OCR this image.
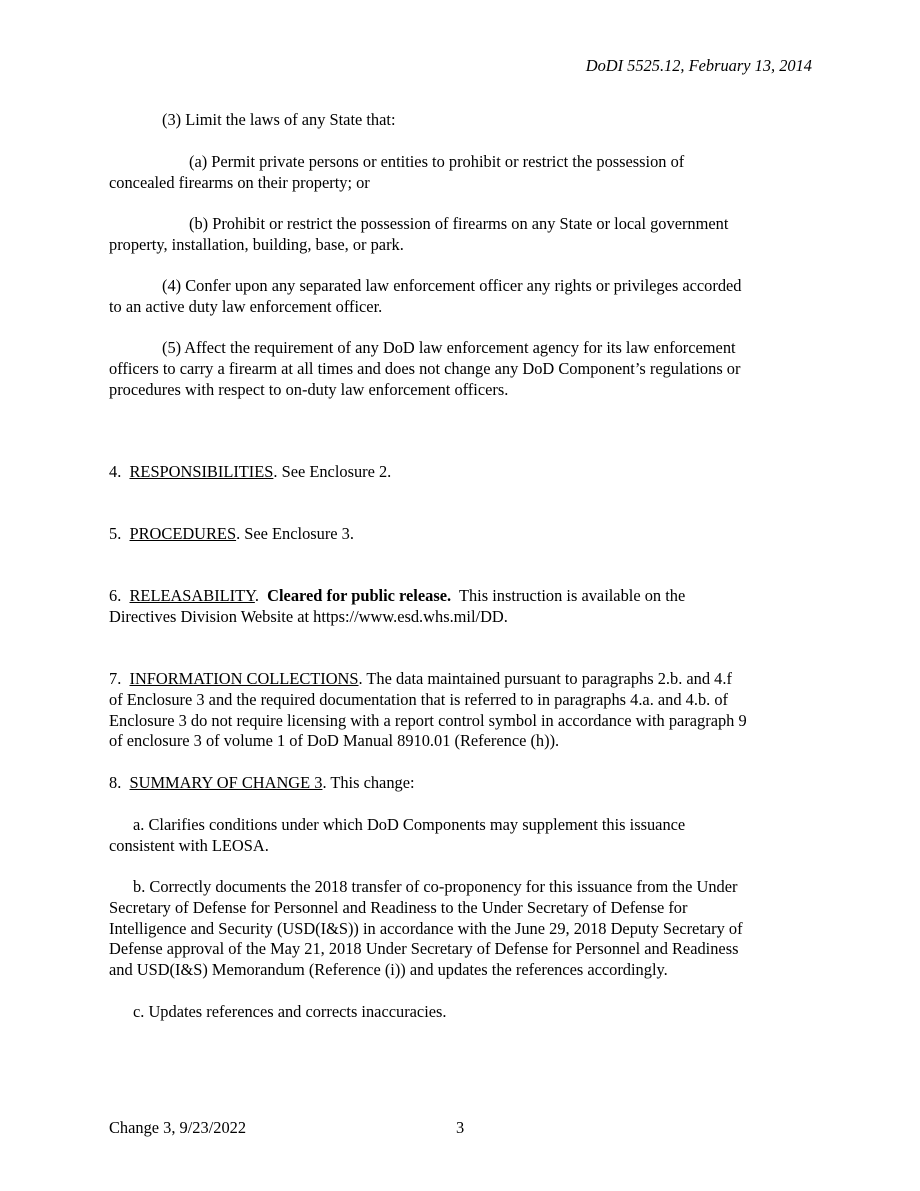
DoDI 5525.12, February 13, 2014

(3) Limit the laws of any State that:

(a) Permit private persons or entities to prohibit or restrict the possession of
concealed firearms on their property; or

(b) Prohibit or restrict the possession of firearms on any State or local government
property, installation, building, base, or park.

(4) Confer upon any separated law enforcement officer any rights or privileges accorded
to an active duty law enforcement officer.

(5) Affect the requirement of any DoD law enforcement agency for its law enforcement
officers to carry a firearm at all times and does not change any DoD Component’s regulations or
procedures with respect to on-duty law enforcement officers.

4. RESPONSIBILITIES. See Enclosure 2.

5. PROCEDURES. See Enclosure 3.

6. RELEASABILITY.  Cleared for public release.  This instruction is available on the
Directives Division Website at https://www.esd.whs.mil/DD.

7. INFORMATION COLLECTIONS. The data maintained pursuant to paragraphs 2.b. and 4.f
of Enclosure 3 and the required documentation that is referred to in paragraphs 4.a. and 4.b. of
Enclosure 3 do not require licensing with a report control symbol in accordance with paragraph 9
of enclosure 3 of volume 1 of DoD Manual 8910.01 (Reference (h)).

8. SUMMARY OF CHANGE 3. This change:

a. Clarifies conditions under which DoD Components may supplement this issuance
consistent with LEOSA.

b. Correctly documents the 2018 transfer of co-proponency for this issuance from the Under
Secretary of Defense for Personnel and Readiness to the Under Secretary of Defense for
Intelligence and Security (USD(I&S)) in accordance with the June 29, 2018 Deputy Secretary of
Defense approval of the May 21, 2018 Under Secretary of Defense for Personnel and Readiness
and USD(I&S) Memorandum (Reference (i)) and updates the references accordingly.

c. Updates references and corrects inaccuracies.

Change 3, 9/23/2022	3
